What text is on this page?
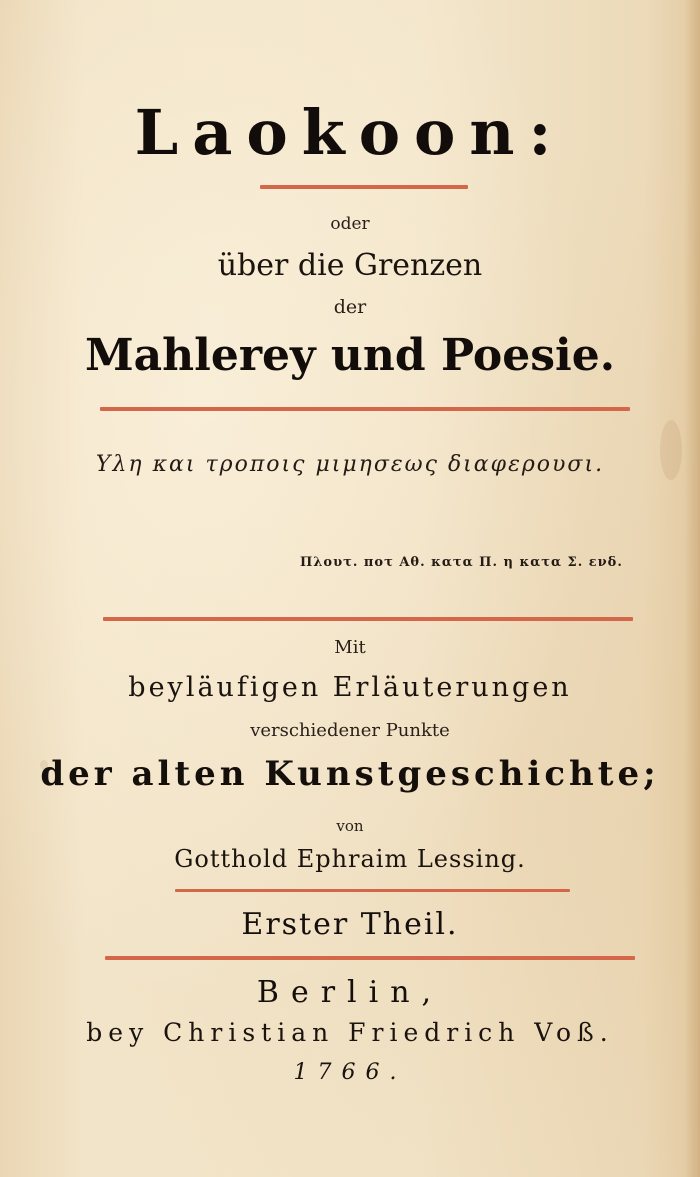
Laokoon:
oder
über die Grenzen
der
Mahlerey und Poesie.
Υλη και τροποις μιμησεως διαφερουσι.
Πλουτ. ποτ Αθ. κατα Π. η κατα Σ. ενδ.
Mit
beyläufigen Erläuterungen
verschiedener Punkte
der alten Kunstgeschichte;
von
Gotthold Ephraim Lessing.
Erster Theil.
Berlin,
bey Christian Friedrich Voß.
1766.
